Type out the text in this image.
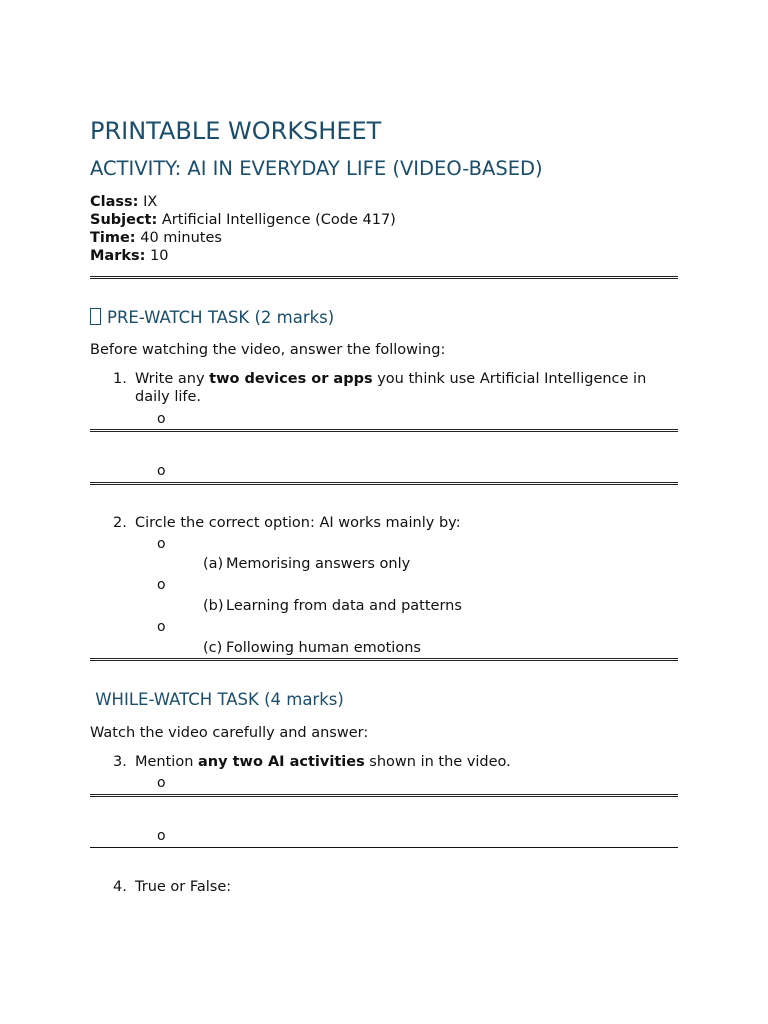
PRINTABLE WORKSHEET
ACTIVITY: AI IN EVERYDAY LIFE (VIDEO-BASED)
Class: IX
Subject: Artificial Intelligence (Code 417)
Time: 40 minutes
Marks: 10
PRE-WATCH TASK (2 marks)
Before watching the video, answer the following:
1. Write any two devices or apps you think use Artificial Intelligence in
daily life.
o
o
2. Circle the correct option: AI works mainly by:
o
(a) Memorising answers only
o
(b) Learning from data and patterns
o
(c) Following human emotions
WHILE-WATCH TASK (4 marks)
Watch the video carefully and answer:
3. Mention any two AI activities shown in the video.
o
o
4. True or False:
